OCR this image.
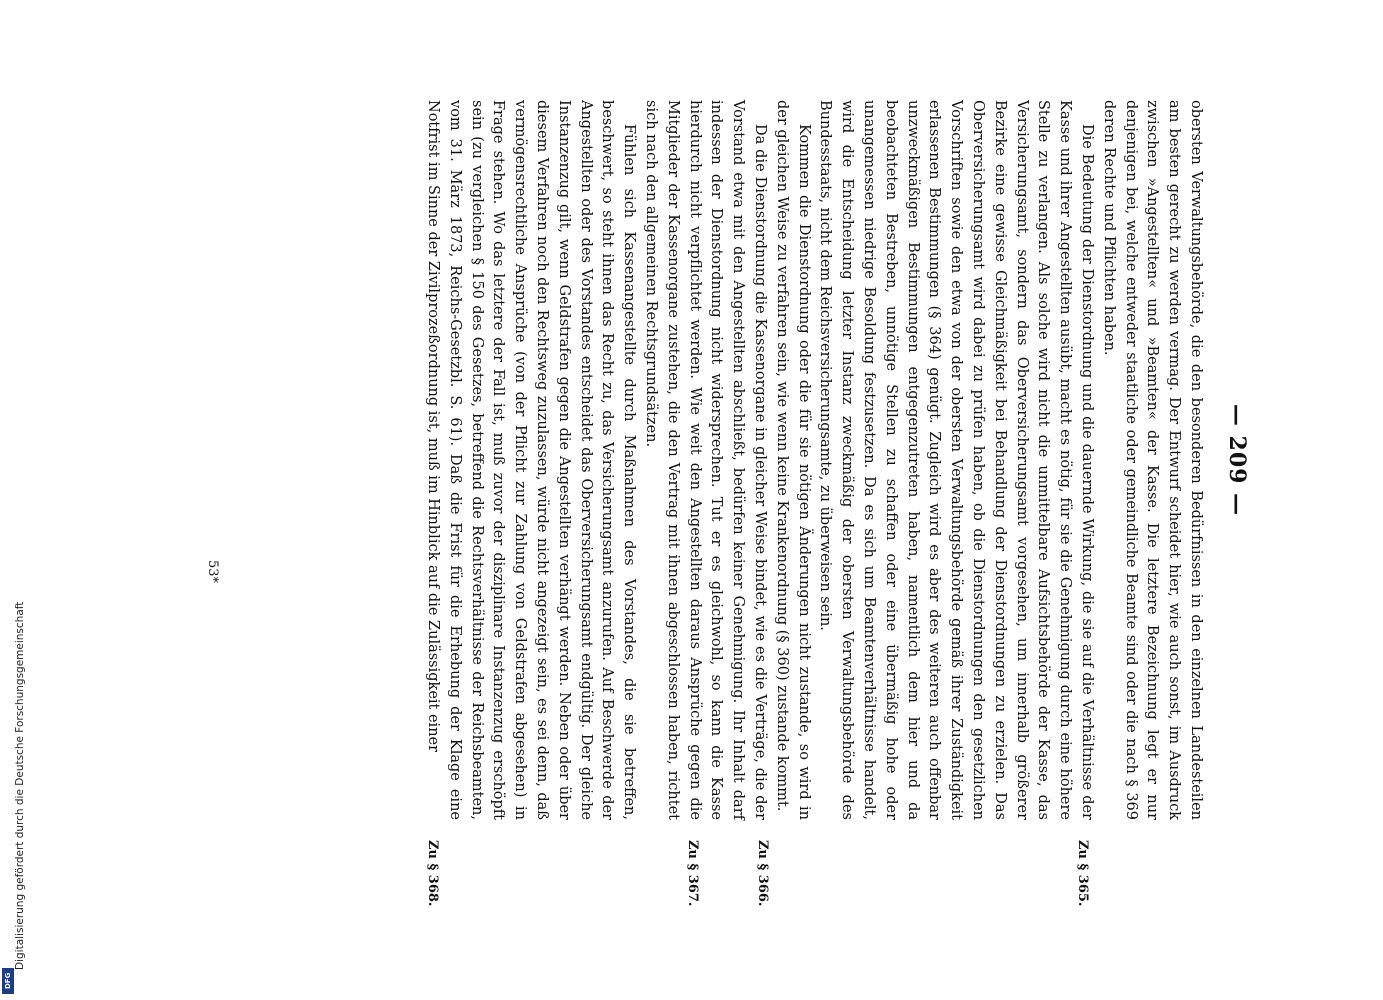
— 209 —

obersten Verwaltungsbehörde, die den besonderen Bedürfnissen in den einzelnen Landesteilen am besten gerecht zu werden vermag. Der Entwurf scheidet hier, wie auch sonst, im Ausdruck zwischen »Angestellten« und »Beamten« der Kasse. Die letztere Bezeichnung legt er nur denjenigen bei, welche entweder staatliche oder gemeindliche Beamte sind oder die nach § 369 deren Rechte und Pflichten haben.

Die Bedeutung der Dienstordnung und die dauernde Wirkung, die sie auf die Verhältnisse der Kasse und ihrer Angestellten ausübt, macht es nötig, für sie die Genehmigung durch eine höhere Stelle zu verlangen. Als solche wird nicht die unmittelbare Aufsichtsbehörde der Kasse, das Versicherungsamt, sondern das Oberversicherungsamt vorgesehen, um innerhalb größerer Bezirke eine gewisse Gleichmäßigkeit bei Behandlung der Dienstordnungen zu erzielen. Das Oberversicherungsamt wird dabei zu prüfen haben, ob die Dienstordnungen den gesetzlichen Vorschriften sowie den etwa von der obersten Verwaltungsbehörde gemäß ihrer Zuständigkeit erlassenen Bestimmungen (§ 364) genügt. Zugleich wird es aber des weiteren auch offenbar unzweckmäßigen Bestimmungen entgegenzutreten haben, namentlich dem hier und da beobachteten Bestreben, unnötige Stellen zu schaffen oder eine übermäßig hohe oder unangemessen niedrige Besoldung festzusetzen. Da es sich um Beamtenverhältnisse handelt, wird die Entscheidung letzter Instanz zweckmäßig der obersten Verwaltungsbehörde des Bundesstaats, nicht dem Reichsversicherungsamte, zu überweisen sein.

Kommen die Dienstordnung oder die für sie nötigen Änderungen nicht zustande, so wird in der gleichen Weise zu verfahren sein, wie wenn keine Krankenordnung (§ 360) zustande kommt.

Da die Dienstordnung die Kassenorgane in gleicher Weise bindet, wie es die Verträge, die der Vorstand etwa mit den Angestellten abschließt, bedürfen keiner Genehmigung. Ihr Inhalt darf indessen der Dienstordnung nicht widersprechen. Tut er es gleichwohl, so kann die Kasse hierdurch nicht verpflichtet werden. Wie weit den Angestellten daraus Ansprüche gegen die Mitglieder der Kassenorgane zustehen, die den Vertrag mit ihnen abgeschlossen haben, richtet sich nach den allgemeinen Rechtsgrundsätzen.

Fühlen sich Kassenangestellte durch Maßnahmen des Vorstandes, die sie betreffen, beschwert, so steht ihnen das Recht zu, das Versicherungsamt anzurufen. Auf Beschwerde der Angestellten oder des Vorstandes entscheidet das Oberversicherungsamt endgültig. Der gleiche Instanzenzug gilt, wenn Geldstrafen gegen die Angestellten verhängt werden. Neben oder über diesem Verfahren noch den Rechtsweg zuzulassen, würde nicht angezeigt sein, es sei denn, daß vermögensrechtliche Ansprüche (von der Pflicht zur Zahlung von Geldstrafen abgesehen) in Frage stehen. Wo das letztere der Fall ist, muß zuvor der disziplinare Instanzenzug erschöpft sein (zu vergleichen § 150 des Gesetzes, betreffend die Rechtsverhältnisse der Reichsbeamten, vom 31. März 1873, Reichs-Gesetzbl. S. 61). Daß die Frist für die Erhebung der Klage eine Notfrist im Sinne der Zivilprozeßordnung ist, muß im Hinblick auf die Zulässigkeit einer

Zu § 365.
Zu § 366.
Zu § 367.
Zu § 368.
53*
Digitalisierung gefördert durch die Deutsche Forschungsgemeinschaft
DFG
